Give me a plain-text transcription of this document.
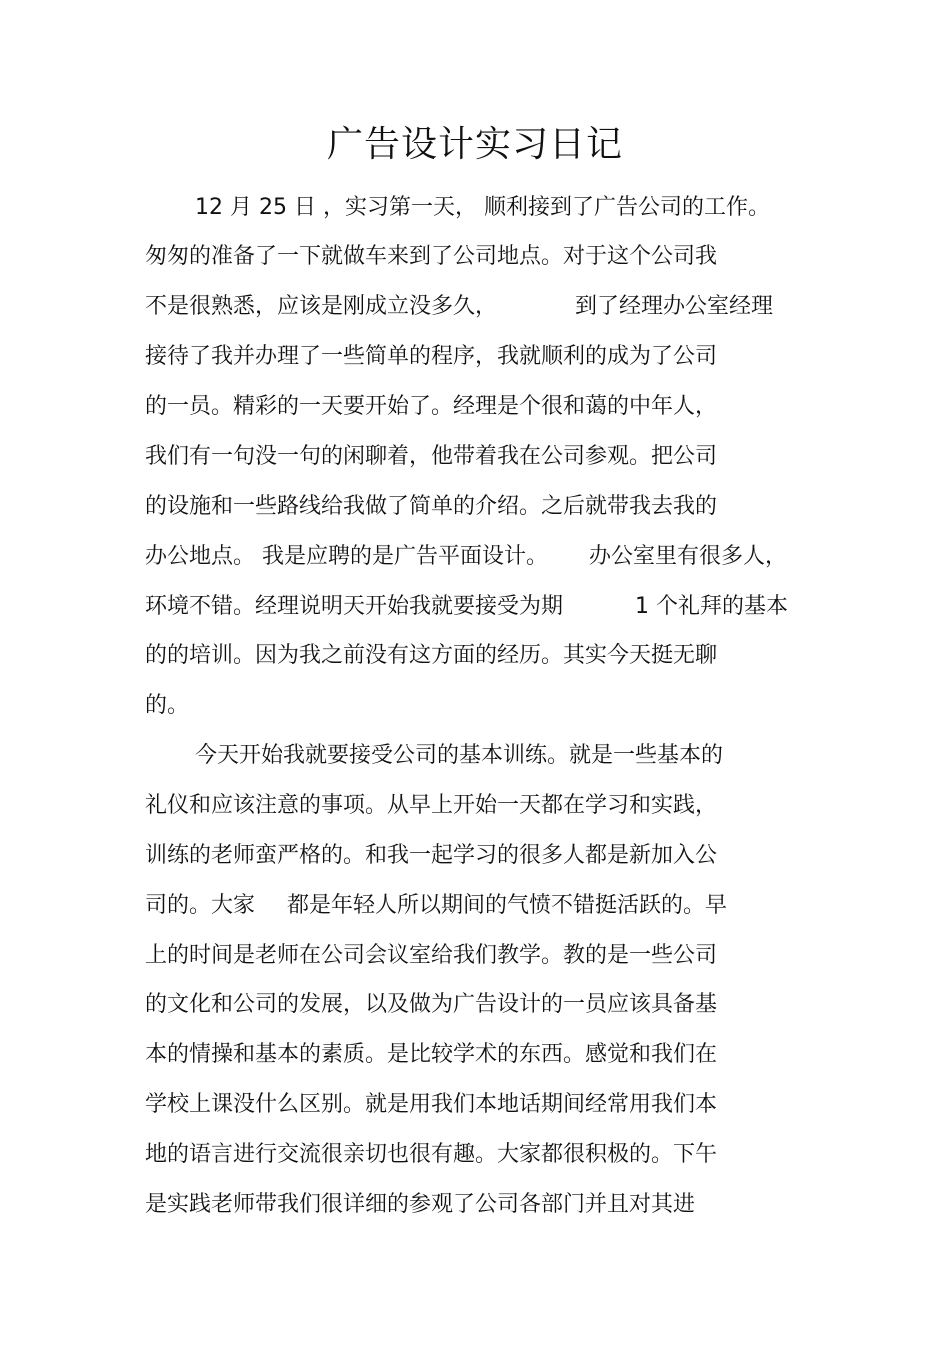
广告设计实习日记

12 月 25 日 ，实习第一天， 顺利接到了广告公司的工作。

匆匆的准备了一下就做车来到了公司地点。对于这个公司我

不是很熟悉，应该是刚成立没多久，	到了经理办公室经理

接待了我并办理了一些简单的程序，我就顺利的成为了公司

的一员。精彩的一天要开始了。经理是个很和蔼的中年人，

我们有一句没一句的闲聊着，他带着我在公司参观。把公司

的设施和一些路线给我做了简单的介绍。之后就带我去我的

办公地点。 我是应聘的是广告平面设计。 办公室里有很多人，

环境不错。经理说明天开始我就要接受为期	1 个礼拜的基本

的的培训。因为我之前没有这方面的经历。其实今天挺无聊

的。

今天开始我就要接受公司的基本训练。就是一些基本的

礼仪和应该注意的事项。从早上开始一天都在学习和实践，

训练的老师蛮严格的。和我一起学习的很多人都是新加入公

司的。大家 都是年轻人所以期间的气愤不错挺活跃的。早

上的时间是老师在公司会议室给我们教学。教的是一些公司

的文化和公司的发展，以及做为广告设计的一员应该具备基

本的情操和基本的素质。是比较学术的东西。感觉和我们在

学校上课没什么区别。就是用我们本地话期间经常用我们本

地的语言进行交流很亲切也很有趣。大家都很积极的。下午

是实践老师带我们很详细的参观了公司各部门并且对其进
